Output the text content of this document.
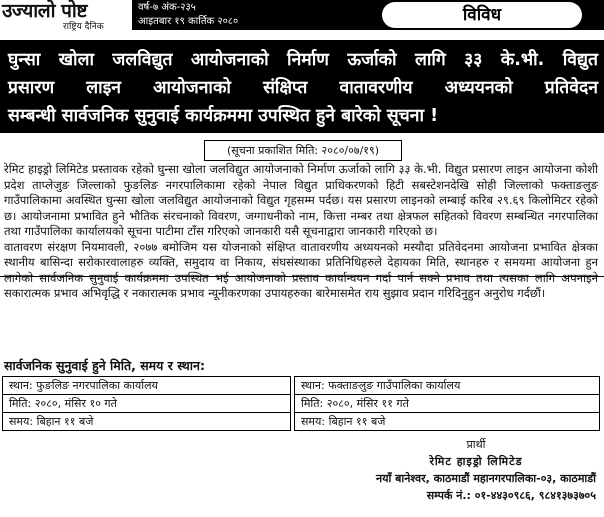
उज्यालो पोष्ट
राष्ट्रिय दैनिक
वर्ष-७ अंक-२३५
आइतबार १९ कार्तिक २०८०	विविध
घुन्सा खोला जलविद्युत आयोजनाको निर्माण ऊर्जाको लागि ३३ के.भी. विद्युत
प्रसारण लाइन आयोजनाको संक्षिप्त वातावरणीय अध्ययनको प्रतिवेदन

सम्बन्धी सार्वजनिक सुनुवाई कार्यक्रममा उपस्थित हुने बारेको सूचना !
(सूचना प्रकाशित मिति: २०८०/०७/१९)

रेमिट हाइड्रो लिमिटेड प्रस्तावक रहेको घुन्सा खोला जलविद्युत आयोजनाको निर्माण ऊर्जाको लागि ३३ के.भी. विद्युत प्रसारण लाइन आयोजना कोशी प्रदेश ताप्लेजुङ जिल्लाको फुङलिङ नगरपालिकामा रहेको नेपाल विद्युत प्राधिकरणको हिटी सबस्टेशनदेखि सोही जिल्लाको फक्ताङलुङ गाउँपालिकामा अवस्थित घुन्सा खोला जलविद्युत आयोजनाको विद्युत गृहसम्म पर्दछ। यस प्रसारण लाइनको लम्बाई करिब २९.६९ किलोमिटर रहेको छ। आयोजनामा प्रभावित हुने भौतिक संरचनाको विवरण, जग्गाधनीको नाम, कित्ता नम्बर तथा क्षेत्रफल सहितको विवरण सम्बन्धित नगरपालिका तथा गाउँपालिका कार्यालयको सूचना पाटीमा टाँस गरिएको जानकारी यसै सूचनाद्वारा जानकारी गरिएको छ।

वातावरण संरक्षण नियमावली, २०७७ बमोजिम यस योजनाको संक्षिप्त वातावरणीय अध्ययनको मस्यौदा प्रतिवेदनमा आयोजना प्रभावित क्षेत्रका स्थानीय बासिन्दा सरोकारवालाहरु व्यक्ति, समुदाय वा निकाय, संघसंस्थाका प्रतिनिधिहरुले देहायका मिति, स्थानहरु र समयमा आयोजना हुन लागेको सार्वजनिक सुनुवाई कार्यक्रममा उपस्थित भई आयोजनाको प्रस्ताव कार्यान्वयन गर्दा पार्न सक्ने प्रभाव तथा त्यसका लागि अपनाइने सकारात्मक प्रभाव अभिवृद्धि र नकारात्मक प्रभाव न्यूनीकरणका उपायहरुका बारेमासमेत राय सुझाव प्रदान गरिदिनुहुन अनुरोध गर्दछौं।

सार्वजनिक सुनुवाई हुने मिति, समय र स्थान:
स्थान: फुङलिङ नगरपालिका कार्यालय
मिति: २०८०, मंसिर १० गते
समय: बिहान ११ बजे
स्थान: फक्ताङलुङ गाउँपालिका कार्यालय
मिति: २०८०, मंसिर ११ गते
समय: बिहान ११ बजे
प्रार्थी
रेमिट हाइड्रो लिमिटेड
नयाँ बानेश्वर, काठमाडौं महानगरपालिका-०३, काठमाडौं
सम्पर्क नं.: ०१-४४३०९८६, ९८४१३७३७०५
